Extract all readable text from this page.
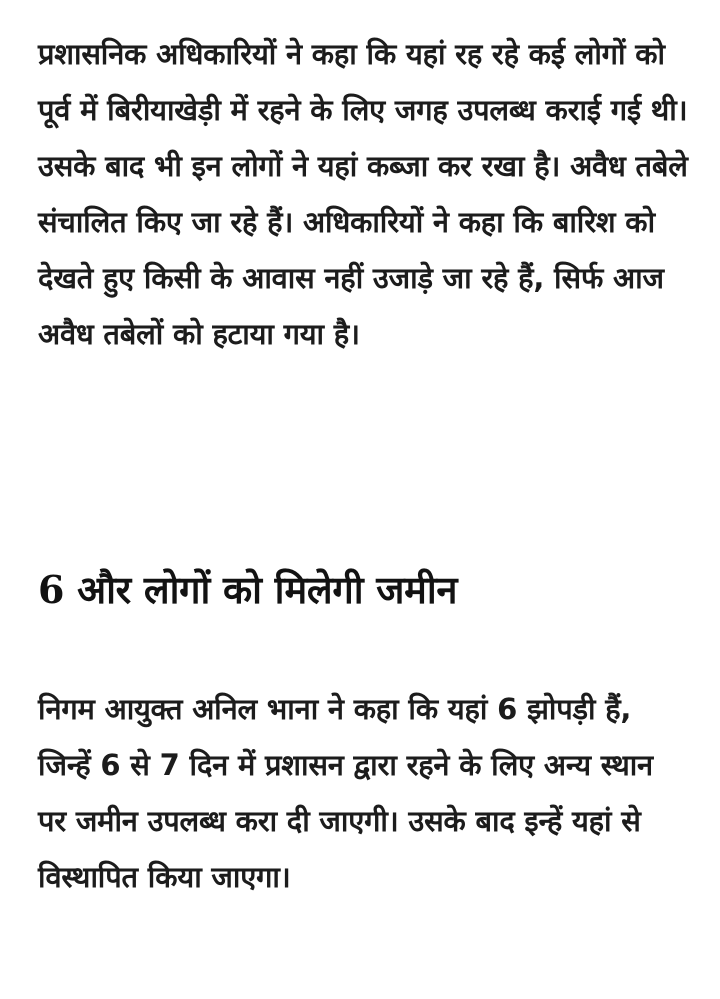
प्रशासनिक अधिकारियों ने कहा कि यहां रह रहे कई लोगों को पूर्व में बिरीयाखेड़ी में रहने के लिए जगह उपलब्ध कराई गई थी।उसके बाद भी इन लोगों ने यहां कब्जा कर रखा है। अवैध तबेले संचालित किए जा रहे हैं। अधिकारियों ने कहा कि बारिश को देखते हुए किसी के आवास नहीं उजाड़े जा रहे हैं, सिर्फ आज अवैध तबेलों को हटाया गया है।

6 और लोगों को मिलेगी जमीन

निगम आयुक्त अनिल भाना ने कहा कि यहां 6 झोपड़ी हैं, जिन्हें 6 से 7 दिन में प्रशासन द्वारा रहने के लिए अन्य स्थान पर जमीन उपलब्ध करा दी जाएगी। उसके बाद इन्हें यहां से विस्थापित किया जाएगा।
